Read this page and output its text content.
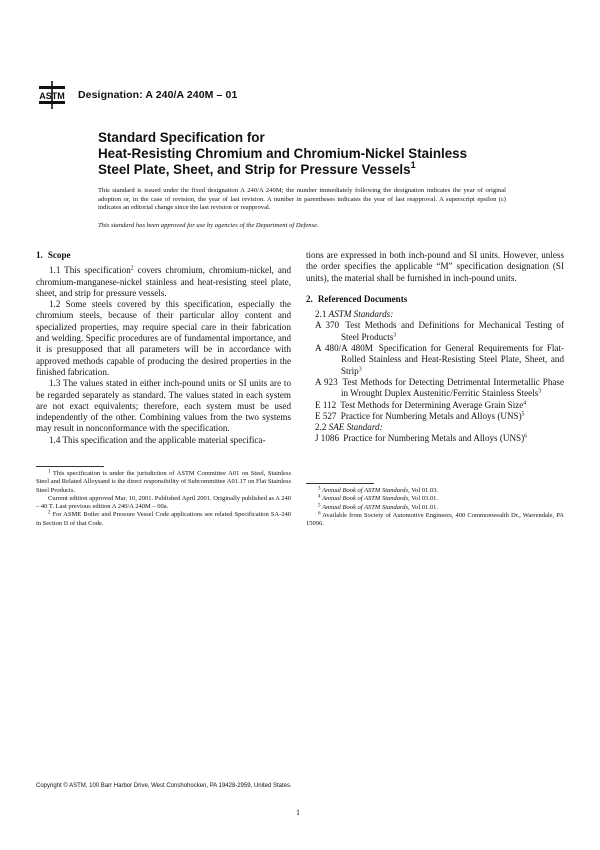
ASTM Designation: A 240/A 240M – 01
Standard Specification for
Heat-Resisting Chromium and Chromium-Nickel Stainless
Steel Plate, Sheet, and Strip for Pressure Vessels$^1$
This standard is issued under the fixed designation A 240/A 240M; the number immediately following the designation indicates the year of original adoption or, in the case of revision, the year of last revision. A number in parentheses indicates the year of last reapproval. A superscript epsilon (ε) indicates an editorial change since the last revision or reapproval.
This standard has been approved for use by agencies of the Department of Defense.
1. Scope

1.1 This specification$^2$ covers chromium, chromium-nickel, and chromium-manganese-nickel stainless and heat-resisting steel plate, sheet, and strip for pressure vessels.

1.2 Some steels covered by this specification, especially the chromium steels, because of their particular alloy content and specialized properties, may require special care in their fabrication and welding. Specific procedures are of fundamental importance, and it is presupposed that all parameters will be in accordance with approved methods capable of producing the desired properties in the finished fabrication.

1.3 The values stated in either inch-pound units or SI units are to be regarded separately as standard. The values stated in each system are not exact equivalents; therefore, each system must be used independently of the other. Combining values from the two systems may result in nonconformance with the specification.

1.4 This specification and the applicable material specifica-

tions are expressed in both inch-pound and SI units. However, unless the order specifies the applicable “M” specification designation (SI units), the material shall be furnished in inch-pound units.

2. Referenced Documents

2.1 ASTM Standards:

A 370 Test Methods and Definitions for Mechanical Testing of Steel Products$^3$

A 480/A 480M Specification for General Requirements for Flat-Rolled Stainless and Heat-Resisting Steel Plate, Sheet, and Strip$^3$

A 923 Test Methods for Detecting Detrimental Intermetallic Phase in Wrought Duplex Austenitic/Ferritic Stainless Steels$^3$

E 112 Test Methods for Determining Average Grain Size$^4$

E 527 Practice for Numbering Metals and Alloys (UNS)$^5$

2.2 SAE Standard:

J 1086 Practice for Numbering Metals and Alloys (UNS)$^6$

$^1$ This specification is under the jurisdiction of ASTM Committee A01 on Steel, Stainless Steel and Related Alloysand is the direct responsibility of Subcommittee A01.17 on Flat Stainless Steel Products.

Current edition approved Mar. 10, 2001. Published April 2001. Originally published as A 240 – 40 T. Last previous edition A 240/A 240M – 00a.

$^2$ For ASME Boiler and Pressure Vessel Code applications see related Specification SA-240 in Section II of that Code.

$^3$ Annual Book of ASTM Standards, Vol 01.03.

$^4$ Annual Book of ASTM Standards, Vol 03.01.

$^5$ Annual Book of ASTM Standards, Vol 01.01.

$^6$ Available from Society of Automotive Engineers, 400 Commonwealth Dr., Warrendale, PA 15096.

Copyright © ASTM, 100 Barr Harbor Drive, West Conshohocken, PA 19428-2959, United States.
1
